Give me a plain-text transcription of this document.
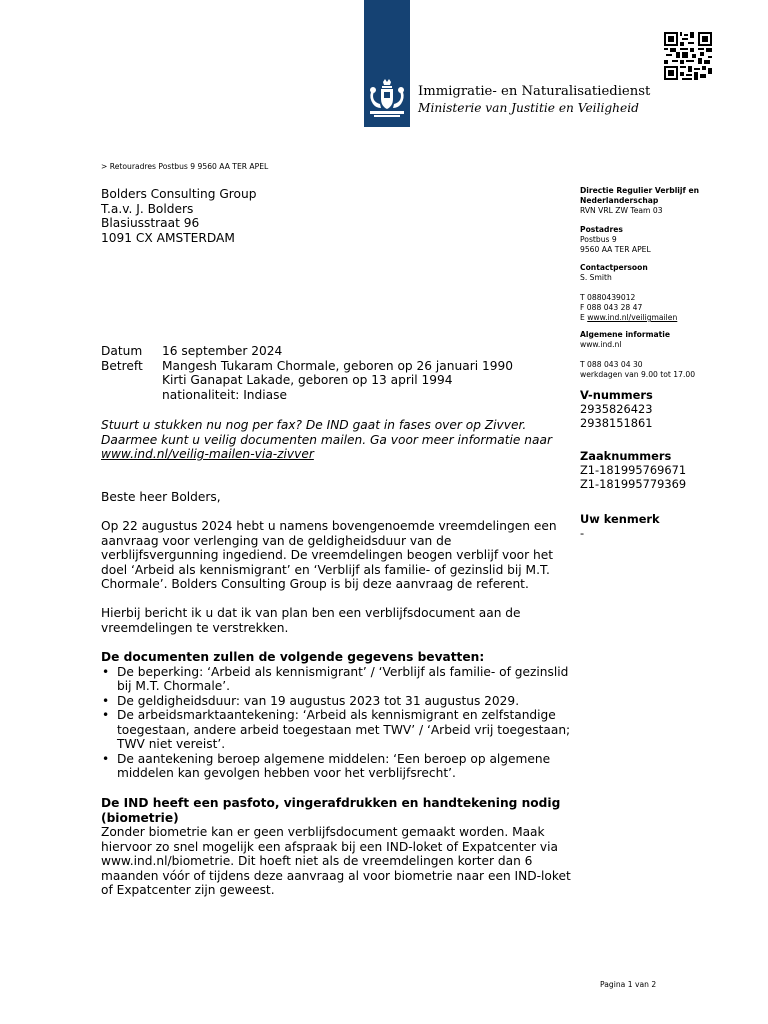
Immigratie- en Naturalisatiedienst
Ministerie van Justitie en Veiligheid
> Retouradres Postbus 9 9560 AA TER APEL
Bolders Consulting Group
T.a.v. J. Bolders
Blasiusstraat 96
1091 CX AMSTERDAM
Directie Regulier Verblijf en
Nederlanderschap
RVN VRL ZW Team 03
Postadres
Postbus 9
9560 AA TER APEL
Contactpersoon
S. Smith
T 0880439012
F 088 043 28 47
E www.ind.nl/veiligmailen
Algemene informatie
www.ind.nl
T 088 043 04 30
werkdagen van 9.00 tot 17.00
V-nummers
2935826423
2938151861
Zaaknummers
Z1-181995769671
Z1-181995779369
Uw kenmerk
-
Datum	16 september 2024
Betreft	Mangesh Tukaram Chormale, geboren op 26 januari 1990
Kirti Ganapat Lakade, geboren op 13 april 1994
nationaliteit: Indiase
Stuurt u stukken nu nog per fax? De IND gaat in fases over op Zivver.
Daarmee kunt u veilig documenten mailen. Ga voor meer informatie naar
www.ind.nl/veilig-mailen-via-zivver
Beste heer Bolders,
Op 22 augustus 2024 hebt u namens bovengenoemde vreemdelingen een aanvraag voor verlenging van de geldigheidsduur van de verblijfsvergunning ingediend. De vreemdelingen beogen verblijf voor het doel ‘Arbeid als kennismigrant’ en ‘Verblijf als familie- of gezinslid bij M.T. Chormale’. Bolders Consulting Group is bij deze aanvraag de referent.
Hierbij bericht ik u dat ik van plan ben een verblijfsdocument aan de vreemdelingen te verstrekken.
De documenten zullen de volgende gegevens bevatten:
• De beperking: ‘Arbeid als kennismigrant’ / ‘Verblijf als familie- of gezinslid bij M.T. Chormale’.
• De geldigheidsduur: van 19 augustus 2023 tot 31 augustus 2029.
• De arbeidsmarktaantekening: ‘Arbeid als kennismigrant en zelfstandige toegestaan, andere arbeid toegestaan met TWV’ / ‘Arbeid vrij toegestaan; TWV niet vereist’.
• De aantekening beroep algemene middelen: ‘Een beroep op algemene middelen kan gevolgen hebben voor het verblijfsrecht’.
De IND heeft een pasfoto, vingerafdrukken en handtekening nodig (biometrie)

Zonder biometrie kan er geen verblijfsdocument gemaakt worden. Maak hiervoor zo snel mogelijk een afspraak bij een IND-loket of Expatcenter via www.ind.nl/biometrie. Dit hoeft niet als de vreemdelingen korter dan 6 maanden vóór of tijdens deze aanvraag al voor biometrie naar een IND-loket of Expatcenter zijn geweest.

Pagina 1 van 2
